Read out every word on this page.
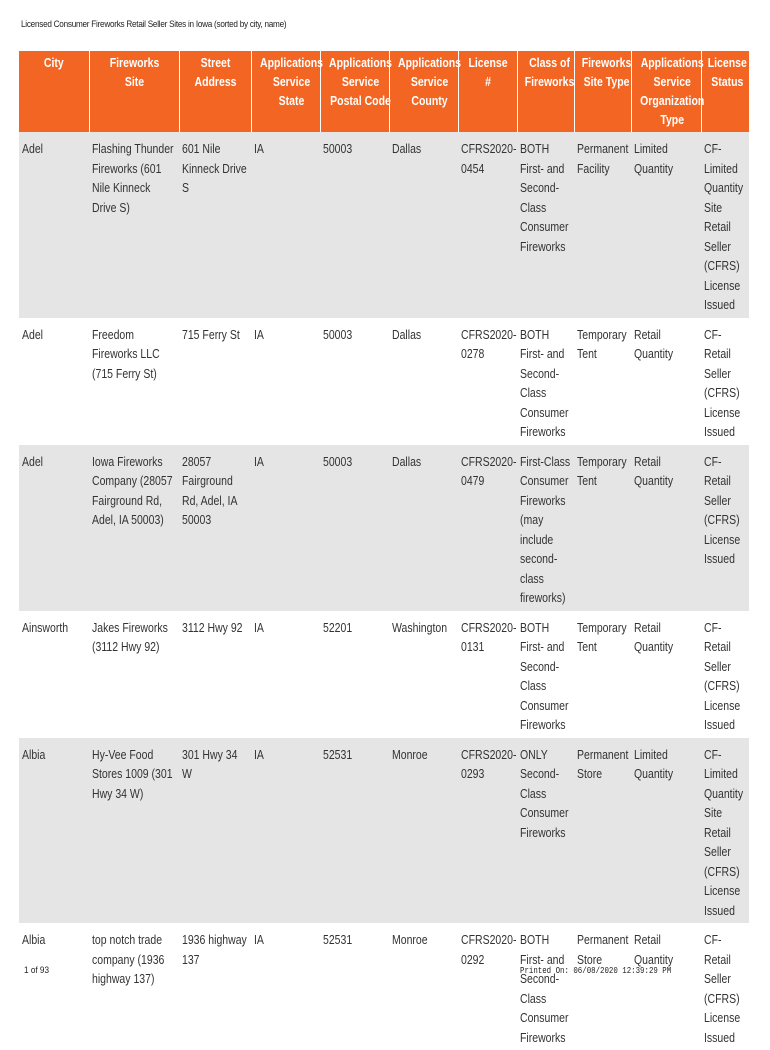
Licensed Consumer Fireworks Retail Seller Sites in Iowa (sorted by city, name)
City	Fireworks Site	Street Address	Applications Service State	Applications Service Postal Code	Applications Service County	License #	Class of Fireworks	Fireworks Site Type	Applications Service Organization Type	License Status
Adel	Flashing Thunder Fireworks (601 Nile Kinneck Drive S)	601 Nile Kinneck Drive S	IA	50003	Dallas	CFRS2020-0454	BOTH First- and Second-Class Consumer Fireworks	Permanent Facility	Limited Quantity	CF-Limited Quantity Site Retail Seller (CFRS) License Issued
Adel	Freedom Fireworks LLC (715 Ferry St)	715 Ferry St	IA	50003	Dallas	CFRS2020-0278	BOTH First- and Second-Class Consumer Fireworks	Temporary Tent	Retail Quantity	CF-Retail Seller (CFRS) License Issued
Adel	Iowa Fireworks Company (28057 Fairground Rd, Adel, IA 50003)	28057 Fairground Rd, Adel, IA 50003	IA	50003	Dallas	CFRS2020-0479	First-Class Consumer Fireworks (may include second-class fireworks)	Temporary Tent	Retail Quantity	CF-Retail Seller (CFRS) License Issued
Ainsworth	Jakes Fireworks (3112 Hwy 92)	3112 Hwy 92	IA	52201	Washington	CFRS2020-0131	BOTH First- and Second-Class Consumer Fireworks	Temporary Tent	Retail Quantity	CF-Retail Seller (CFRS) License Issued
Albia	Hy-Vee Food Stores 1009 (301 Hwy 34 W)	301 Hwy 34 W	IA	52531	Monroe	CFRS2020-0293	ONLY Second-Class Consumer Fireworks	Permanent Store	Limited Quantity	CF-Limited Quantity Site Retail Seller (CFRS) License Issued
Albia	top notch trade company (1936 highway 137)	1936 highway 137	IA	52531	Monroe	CFRS2020-0292	BOTH First- and Second-Class Consumer Fireworks	Permanent Store	Retail Quantity	CF-Retail Seller (CFRS) License Issued
1 of 93	Printed On: 06/08/2020 12:39:29 PM
